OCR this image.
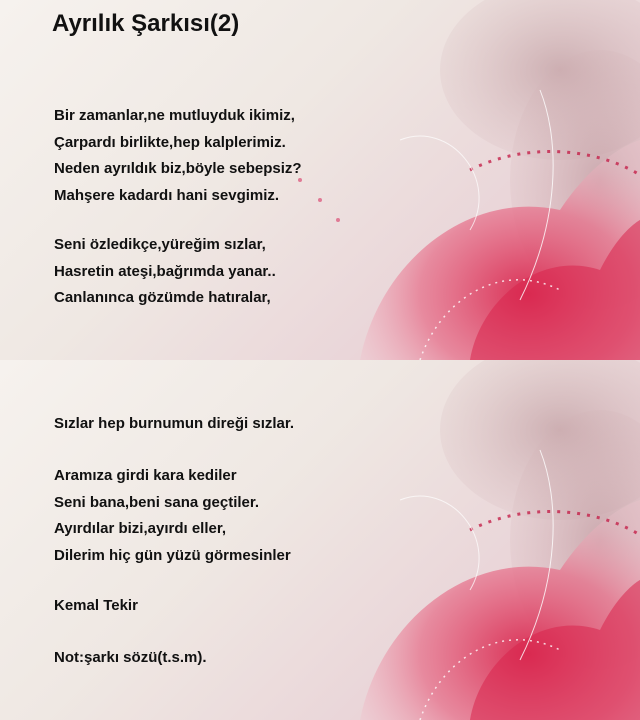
Ayrılık Şarkısı(2)
Bir zamanlar,ne mutluyduk ikimiz,
Çarpardı birlikte,hep kalplerimiz.
Neden ayrıldık biz,böyle sebepsiz?
Mahşere kadardı hani sevgimiz.
Seni özledikçe,yüreğim sızlar,
Hasretin ateşi,bağrımda yanar..
Canlanınca gözümde hatıralar,
Sızlar hep burnumun direği sızlar.
Aramıza girdi kara kediler
Seni bana,beni sana geçtiler.
Ayırdılar bizi,ayırdı eller,
Dilerim hiç gün yüzü görmesinler
Kemal Tekir
Not:şarkı sözü(t.s.m).
